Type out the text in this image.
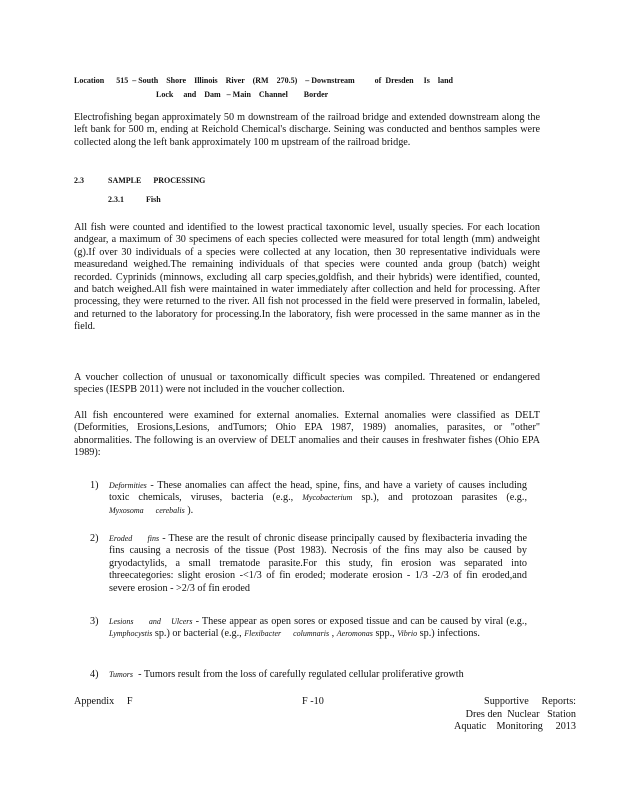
Location      515  – South    Shore    Illinois    River    (RM    270.5)    – Downstream          of  Dresden     Is    land
Lock     and    Dam   – Main    Channel        Border
Electrofishing began approximately 50 m downstream of the railroad bridge and extended downstream along the left bank for 500 m, ending at Reichold Chemical's discharge. Seining was conducted and benthos samples were collected along the left bank approximately 100 m upstream of the railroad bridge.
2.3	SAMPLE      PROCESSING
2.3.1	Fish
All fish were counted and identified to the lowest practical taxonomic level, usually species. For each location andgear, a maximum of 30 specimens of each species collected were measured for total length (mm) andweight (g).If over 30 individuals of a species were collected at any location, then 30 representative individuals were measuredand weighed.The remaining individuals of that species were counted anda group (batch) weight recorded. Cyprinids (minnows, excluding all carp species,goldfish, and their hybrids) were identified, counted, and batch weighed.All fish were maintained in water immediately after collection and held for processing. After processing, they were returned to the river. All fish not processed in the field were preserved in formalin, labeled, and returned to the laboratory for processing.In the laboratory, fish were processed in the same manner as in the field.
A voucher collection of unusual or taxonomically difficult species was compiled. Threatened or endangered species (IESPB 2011) were not included in the voucher collection.
All fish encountered were examined for external anomalies. External anomalies were classified as DELT (Deformities, Erosions,Lesions, andTumors; Ohio EPA 1987, 1989) anomalies, parasites, or "other" abnormalities. The following is an overview of DELT anomalies and their causes in freshwater fishes (Ohio EPA 1989):
1) Deformities - These anomalies can affect the head, spine, fins, and have a variety of causes including toxic chemicals, viruses, bacteria (e.g., Mycobacterium sp.), and protozoan parasites (e.g., Myxosoma      cerebalis ).
2) Eroded      fins - These are the result of chronic disease principally caused by flexibacteria invading the fins causing a necrosis of the tissue (Post 1983). Necrosis of the fins may also be caused by gryodactylids, a small trematode parasite.For this study, fin erosion was separated into threecategories: slight erosion -<1/3 of fin eroded; moderate erosion - 1/3 -2/3 of fin eroded,and severe erosion - >2/3 of fin eroded
3) Lesions      and    Ulcers - These appear as open sores or exposed tissue and can be caused by viral (e.g., Lymphocystis sp.) or bacterial (e.g., Flexibacter      columnaris , Aeromonas spp., Vibrio sp.) infections.
4) Tumors  - Tumors result from the loss of carefully regulated cellular proliferative growth
Appendix     F	F -10	Supportive     Reports:
Dres den  Nuclear   Station
Aquatic    Monitoring     2013
